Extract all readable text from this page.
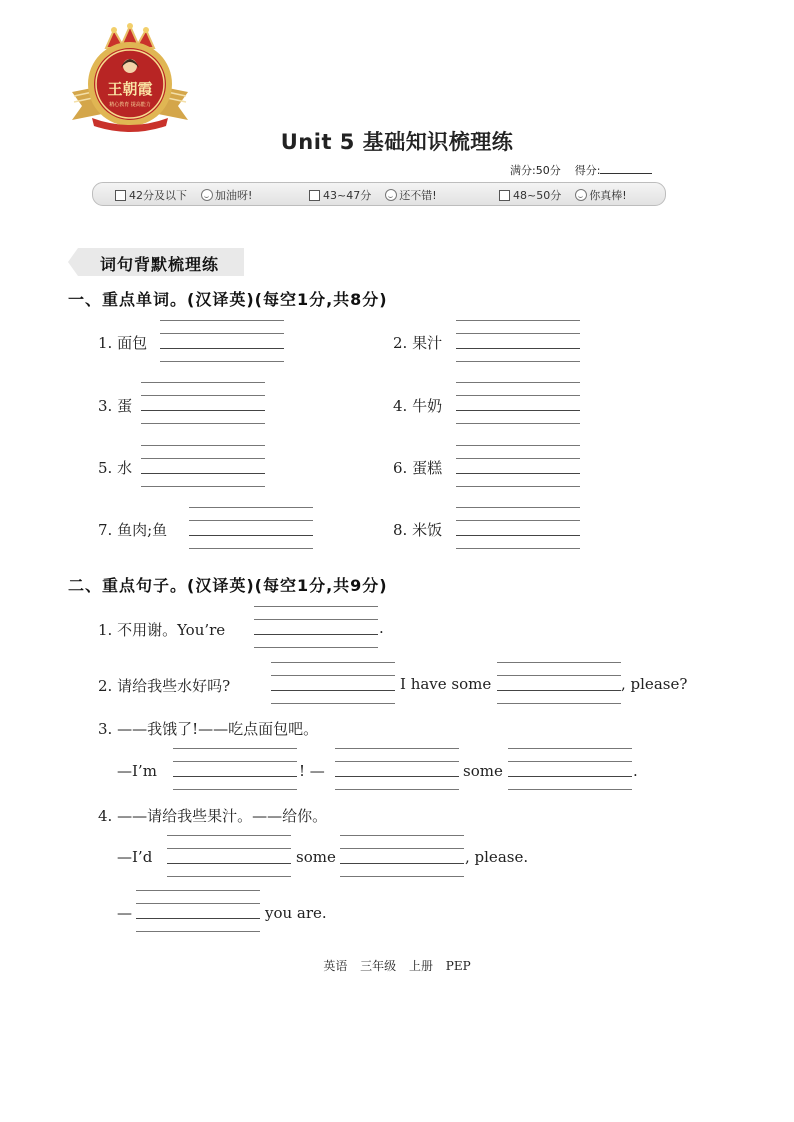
王朝霞
精心教育 提高能力
Unit 5 基础知识梳理练
满分:50分 得分:
42分及以下	加油呀!	43~47分	还不错!	48~50分	你真棒!
词句背默梳理练
一、重点单词。(汉译英)(每空1分,共8分)
1. 面包	2. 果汁
3. 蛋	4. 牛奶
5. 水	6. 蛋糕
7. 鱼肉;鱼	8. 米饭
二、重点句子。(汉译英)(每空1分,共9分)
1. 不用谢。You’re	.
2. 请给我些水好吗?	I have some	, please?
3. ——我饿了!——吃点面包吧。
—I’m	! —	some	.
4. ——请给我些果汁。——给你。
—I’d	some	, please.
—	you are.
英语 三年级 上册 PEP
